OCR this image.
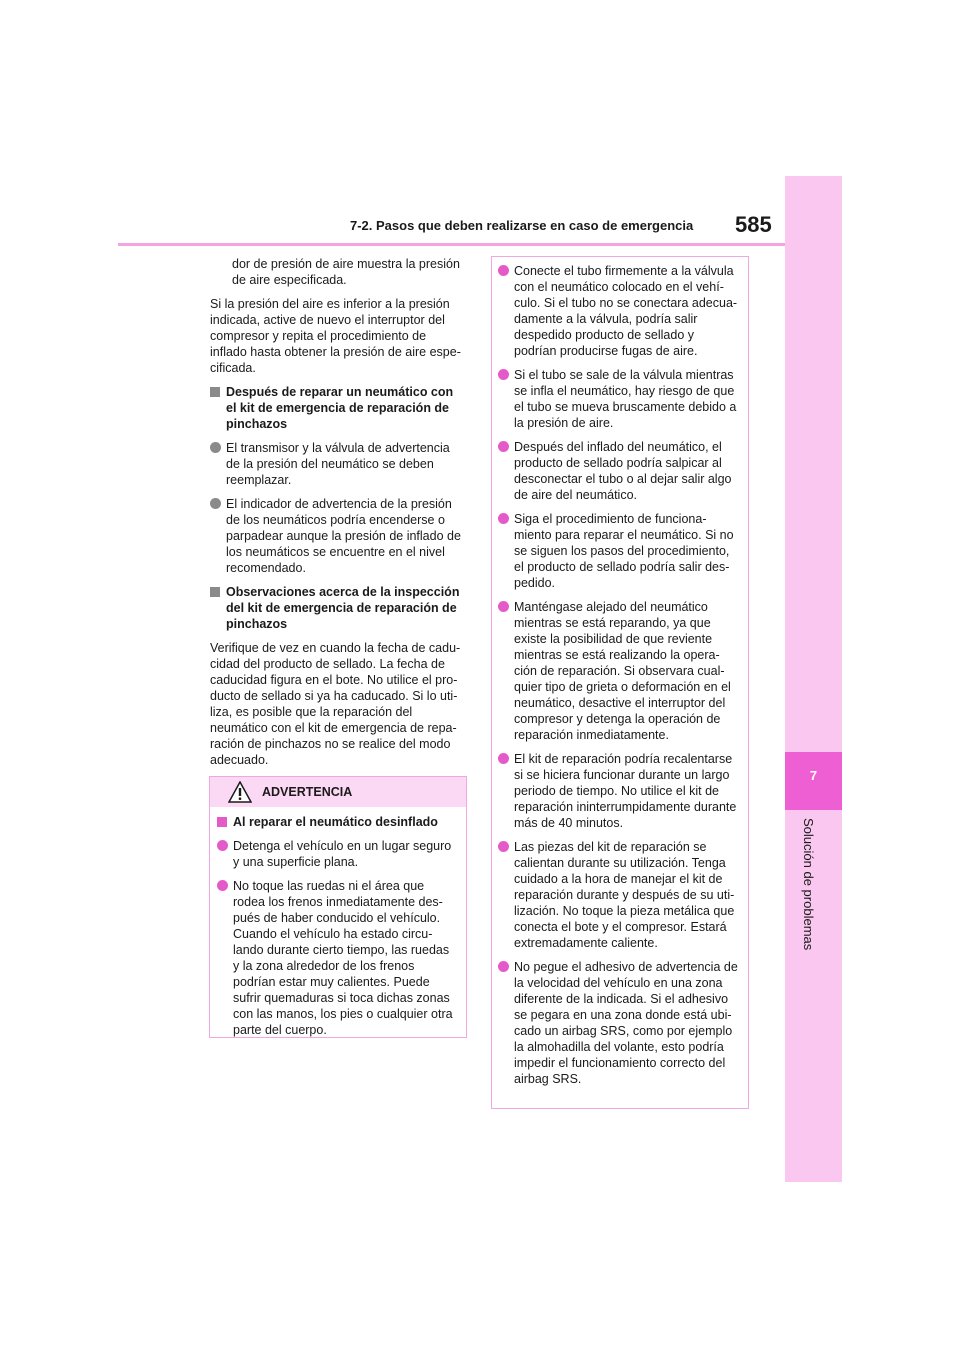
7-2. Pasos que deben realizarse en caso de emergencia 585
7
Solución de problemas
dor de presión de aire muestra la presión
de aire especificada.
Si la presión del aire es inferior a la presión
indicada, active de nuevo el interruptor del
compresor y repita el procedimiento de
inflado hasta obtener la presión de aire espe-
cificada.
Después de reparar un neumático con
el kit de emergencia de reparación de
pinchazos
El transmisor y la válvula de advertencia
de la presión del neumático se deben
reemplazar.
El indicador de advertencia de la presión
de los neumáticos podría encenderse o
parpadear aunque la presión de inflado de
los neumáticos se encuentre en el nivel
recomendado.
Observaciones acerca de la inspección
del kit de emergencia de reparación de
pinchazos
Verifique de vez en cuando la fecha de cadu-
cidad del producto de sellado. La fecha de
caducidad figura en el bote. No utilice el pro-
ducto de sellado si ya ha caducado. Si lo uti-
liza, es posible que la reparación del
neumático con el kit de emergencia de repa-
ración de pinchazos no se realice del modo
adecuado.
ADVERTENCIA
Al reparar el neumático desinflado
Detenga el vehículo en un lugar seguro
y una superficie plana.
No toque las ruedas ni el área que
rodea los frenos inmediatamente des-
pués de haber conducido el vehículo.
Cuando el vehículo ha estado circu-
lando durante cierto tiempo, las ruedas
y la zona alrededor de los frenos
podrían estar muy calientes. Puede
sufrir quemaduras si toca dichas zonas
con las manos, los pies o cualquier otra
parte del cuerpo.
Conecte el tubo firmemente a la válvula
con el neumático colocado en el vehí-
culo. Si el tubo no se conectara adecua-
damente a la válvula, podría salir
despedido producto de sellado y
podrían producirse fugas de aire.
Si el tubo se sale de la válvula mientras
se infla el neumático, hay riesgo de que
el tubo se mueva bruscamente debido a
la presión de aire.
Después del inflado del neumático, el
producto de sellado podría salpicar al
desconectar el tubo o al dejar salir algo
de aire del neumático.
Siga el procedimiento de funciona-
miento para reparar el neumático. Si no
se siguen los pasos del procedimiento,
el producto de sellado podría salir des-
pedido.
Manténgase alejado del neumático
mientras se está reparando, ya que
existe la posibilidad de que reviente
mientras se está realizando la opera-
ción de reparación. Si observara cual-
quier tipo de grieta o deformación en el
neumático, desactive el interruptor del
compresor y detenga la operación de
reparación inmediatamente.
El kit de reparación podría recalentarse
si se hiciera funcionar durante un largo
periodo de tiempo. No utilice el kit de
reparación ininterrumpidamente durante
más de 40 minutos.
Las piezas del kit de reparación se
calientan durante su utilización. Tenga
cuidado a la hora de manejar el kit de
reparación durante y después de su uti-
lización. No toque la pieza metálica que
conecta el bote y el compresor. Estará
extremadamente caliente.
No pegue el adhesivo de advertencia de
la velocidad del vehículo en una zona
diferente de la indicada. Si el adhesivo
se pegara en una zona donde está ubi-
cado un airbag SRS, como por ejemplo
la almohadilla del volante, esto podría
impedir el funcionamiento correcto del
airbag SRS.
